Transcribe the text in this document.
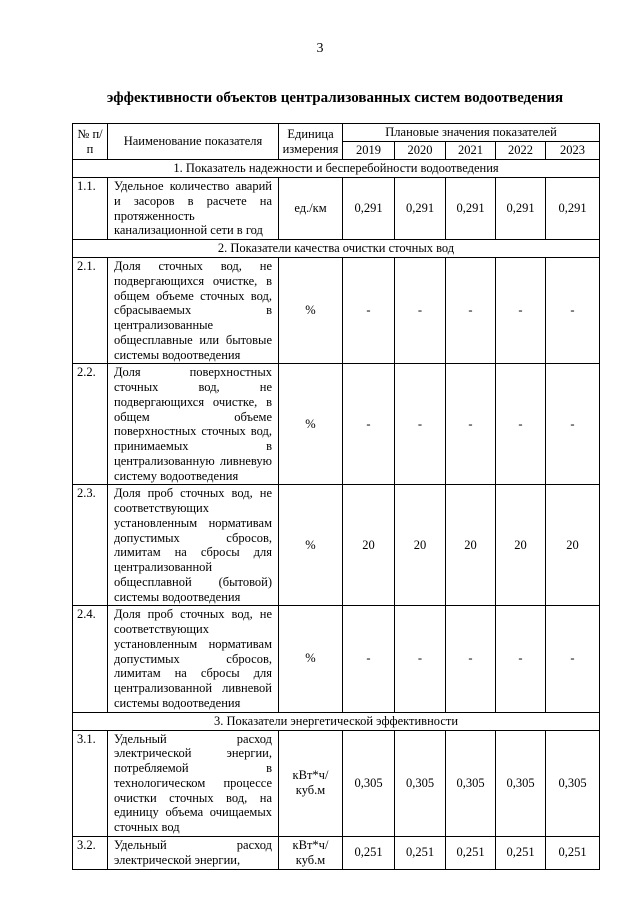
3
эффективности объектов централизованных систем водоотведения
№ п/п	Наименование показателя	Единица измерения	Плановые значения показателей				
			2019	2020	2021	2022	2023
1. Показатель надежности и бесперебойности водоотведения							
1.1.	Удельное количество аварий и засоров в расчете на протяженность канализационной сети в год	ед./км	0,291	0,291	0,291	0,291	0,291
2. Показатели качества очистки сточных вод							
2.1.	Доля сточных вод, не подвергающихся очистке, в общем объеме сточных вод, сбрасываемых в централизованные общесплавные или бытовые системы водоотведения	%	-	-	-	-	-
2.2.	Доля поверхностных сточных вод, не подвергающихся очистке, в общем объеме поверхностных сточных вод, принимаемых в централизованную ливневую систему водоотведения	%	-	-	-	-	-
2.3.	Доля проб сточных вод, не соответствующих установленным нормативам допустимых сбросов, лимитам на сбросы для централизованной общесплавной (бытовой) системы водоотведения	%	20	20	20	20	20
2.4.	Доля проб сточных вод, не соответствующих установленным нормативам допустимых сбросов, лимитам на сбросы для централизованной ливневой системы водоотведения	%	-	-	-	-	-
3. Показатели энергетической эффективности							
3.1.	Удельный расход электрической энергии, потребляемой в технологическом процессе очистки сточных вод, на единицу объема очищаемых сточных вод	кВт*ч/ куб.м	0,305	0,305	0,305	0,305	0,305
3.2.	Удельный расход электрической энергии,	кВт*ч/ куб.м	0,251	0,251	0,251	0,251	0,251
